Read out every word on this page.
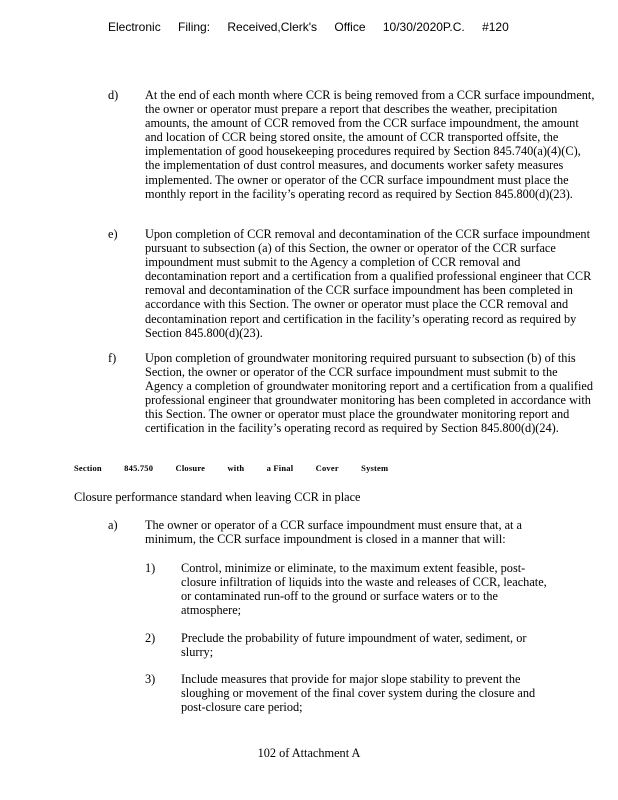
Electronic Filing: Received,Clerk's Office 10/30/2020P.C. #120
d)	At the end of each month where CCR is being removed from a CCR surface impoundment, the owner or operator must prepare a report that describes the weather, precipitation amounts, the amount of CCR removed from the CCR surface impoundment, the amount and location of CCR being stored onsite, the amount of CCR transported offsite, the implementation of good housekeeping procedures required by Section 845.740(a)(4)(C), the implementation of dust control measures, and documents worker safety measures implemented. The owner or operator of the CCR surface impoundment must place the monthly report in the facility’s operating record as required by Section 845.800(d)(23).
e)	Upon completion of CCR removal and decontamination of the CCR surface impoundment pursuant to subsection (a) of this Section, the owner or operator of the CCR surface impoundment must submit to the Agency a completion of CCR removal and decontamination report and a certification from a qualified professional engineer that CCR removal and decontamination of the CCR surface impoundment has been completed in accordance with this Section. The owner or operator must place the CCR removal and decontamination report and certification in the facility’s operating record as required by Section 845.800(d)(23).
f)	Upon completion of groundwater monitoring required pursuant to subsection (b) of this Section, the owner or operator of the CCR surface impoundment must submit to the Agency a completion of groundwater monitoring report and a certification from a qualified professional engineer that groundwater monitoring has been completed in accordance with this Section. The owner or operator must place the groundwater monitoring report and certification in the facility’s operating record as required by Section 845.800(d)(24).
Section	845.750	Closure	with	a Final	Cover	System
Closure performance standard when leaving CCR in place
a)	The owner or operator of a CCR surface impoundment must ensure that, at a minimum, the CCR surface impoundment is closed in a manner that will:
1)	Control, minimize or eliminate, to the maximum extent feasible, post-closure infiltration of liquids into the waste and releases of CCR, leachate, or contaminated run-off to the ground or surface waters or to the atmosphere;
2)	Preclude the probability of future impoundment of water, sediment, or slurry;
3)	Include measures that provide for major slope stability to prevent the sloughing or movement of the final cover system during the closure and post-closure care period;
102 of Attachment A
